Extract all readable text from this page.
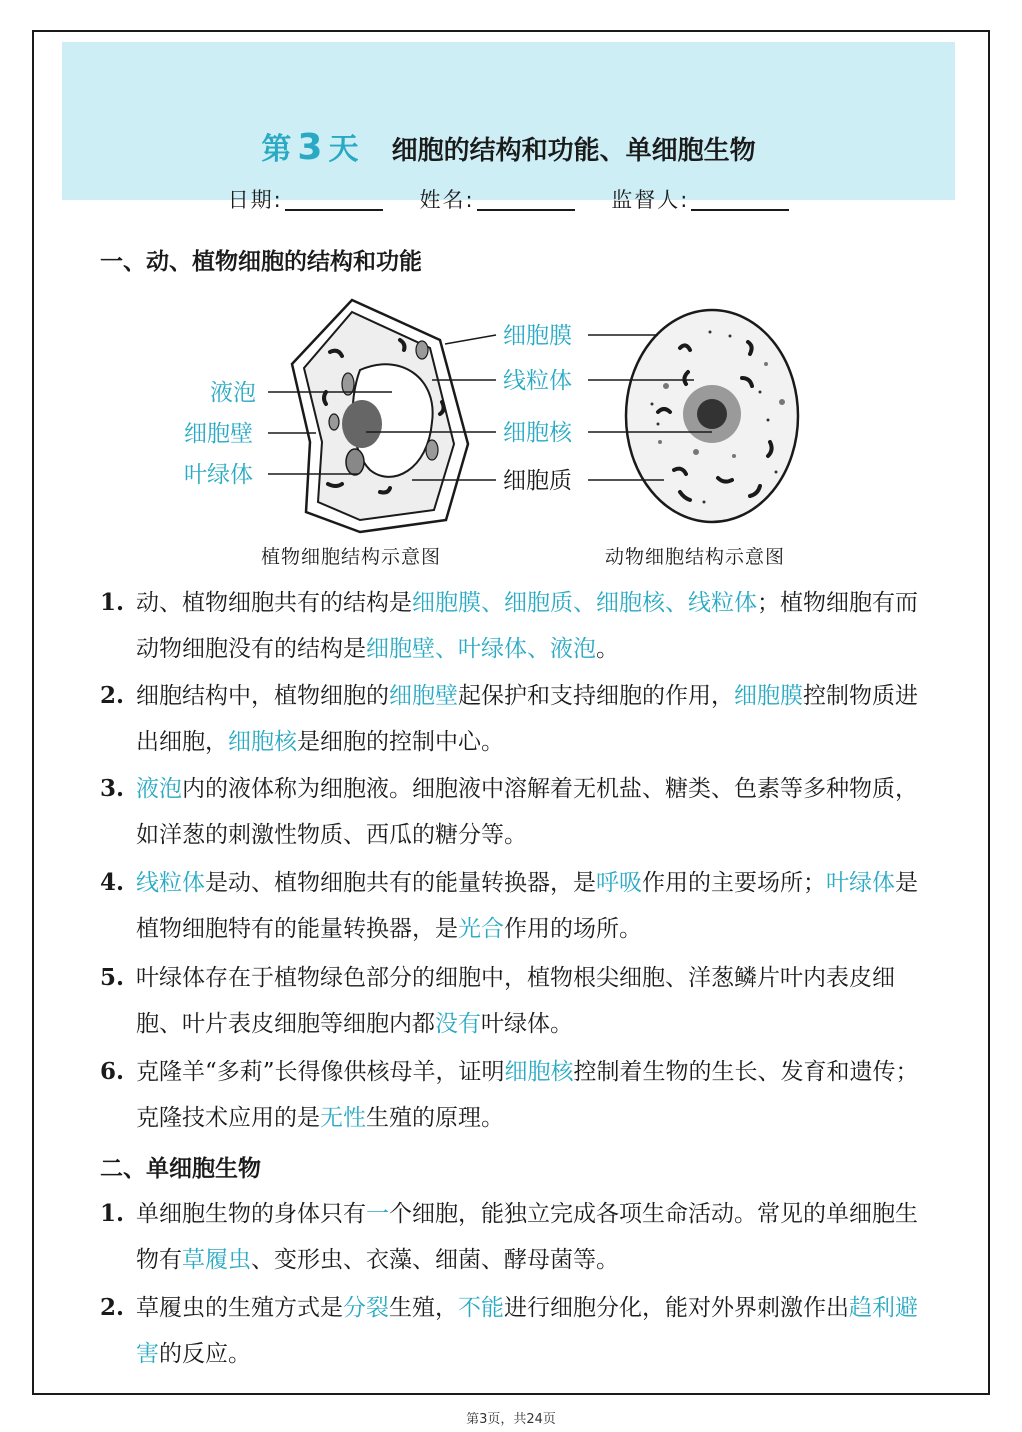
第 3 天 细胞的结构和功能、单细胞生物
日期:	姓名:	监督人:
一、动、植物细胞的结构和功能
液泡
细胞壁
叶绿体
细胞膜
线粒体
细胞核
细胞质
植物细胞结构示意图	动物细胞结构示意图
1. 动、植物细胞共有的结构是细胞膜、细胞质、细胞核、线粒体；植物细胞有而动物细胞没有的结构是细胞壁、叶绿体、液泡。
2. 细胞结构中，植物细胞的细胞壁起保护和支持细胞的作用，细胞膜控制物质进出细胞，细胞核是细胞的控制中心。
3. 液泡内的液体称为细胞液。细胞液中溶解着无机盐、糖类、色素等多种物质，如洋葱的刺激性物质、西瓜的糖分等。
4. 线粒体是动、植物细胞共有的能量转换器，是呼吸作用的主要场所；叶绿体是植物细胞特有的能量转换器，是光合作用的场所。
5. 叶绿体存在于植物绿色部分的细胞中，植物根尖细胞、洋葱鳞片叶内表皮细胞、叶片表皮细胞等细胞内都没有叶绿体。
6. 克隆羊“多莉”长得像供核母羊，证明细胞核控制着生物的生长、发育和遗传；克隆技术应用的是无性生殖的原理。
二、单细胞生物
1. 单细胞生物的身体只有一个细胞，能独立完成各项生命活动。常见的单细胞生物有草履虫、变形虫、衣藻、细菌、酵母菌等。
2. 草履虫的生殖方式是分裂生殖，不能进行细胞分化，能对外界刺激作出趋利避害的反应。
第3页，共24页
